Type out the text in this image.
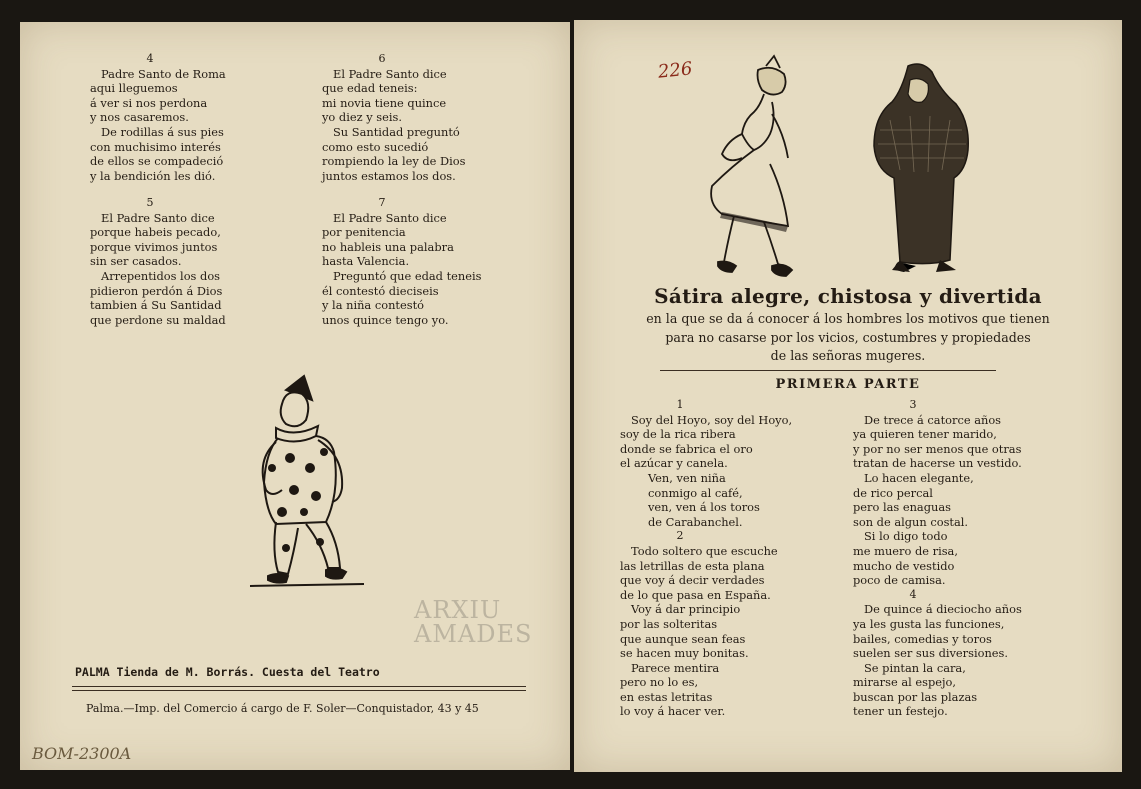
4
Padre Santo de Roma
aqui lleguemos
á ver si nos perdona
y nos casaremos.
De rodillas á sus pies
con muchisimo interés
de ellos se compadeció
y la bendición les dió.
5
El Padre Santo dice
porque habeis pecado,
porque vivimos juntos
sin ser casados.
Arrepentidos los dos
pidieron perdón á Dios
tambien á Su Santidad
que perdone su maldad
6
El Padre Santo dice
que edad teneis:
mi novia tiene quince
yo diez y seis.
Su Santidad preguntó
como esto sucedió
rompiendo la ley de Dios
juntos estamos los dos.
7
El Padre Santo dice
por penitencia
no hableis una palabra
hasta Valencia.
Preguntó que edad teneis
él contestó dieciseis
y la niña contestó
unos quince tengo yo.
ARXIU
AMADES
PALMA Tienda de M. Borrás. Cuesta del Teatro
Palma.—Imp. del Comercio á cargo de F. Soler—Conquistador, 43 y 45
BOM-2300A
226
Sátira alegre, chistosa y divertida
en la que se da á conocer á los hombres los motivos que tienen
para no casarse por los vicios, costumbres y propiedades
de las señoras mugeres.
PRIMERA PARTE
1
Soy del Hoyo, soy del Hoyo,
soy de la rica ribera
donde se fabrica el oro
el azúcar y canela.
Ven, ven niña
conmigo al café,
ven, ven á los toros
de Carabanchel.
2
Todo soltero que escuche
las letrillas de esta plana
que voy á decir verdades
de lo que pasa en España.
Voy á dar principio
por las solteritas
que aunque sean feas
se hacen muy bonitas.
Parece mentira
pero no lo es,
en estas letritas
lo voy á hacer ver.
3
De trece á catorce años
ya quieren tener marido,
y por no ser menos que otras
tratan de hacerse un vestido.
Lo hacen elegante,
de rico percal
pero las enaguas
son de algun costal.
Si lo digo todo
me muero de risa,
mucho de vestido
poco de camisa.
4
De quince á dieciocho años
ya les gusta las funciones,
bailes, comedias y toros
suelen ser sus diversiones.
Se pintan la cara,
mirarse al espejo,
buscan por las plazas
tener un festejo.
